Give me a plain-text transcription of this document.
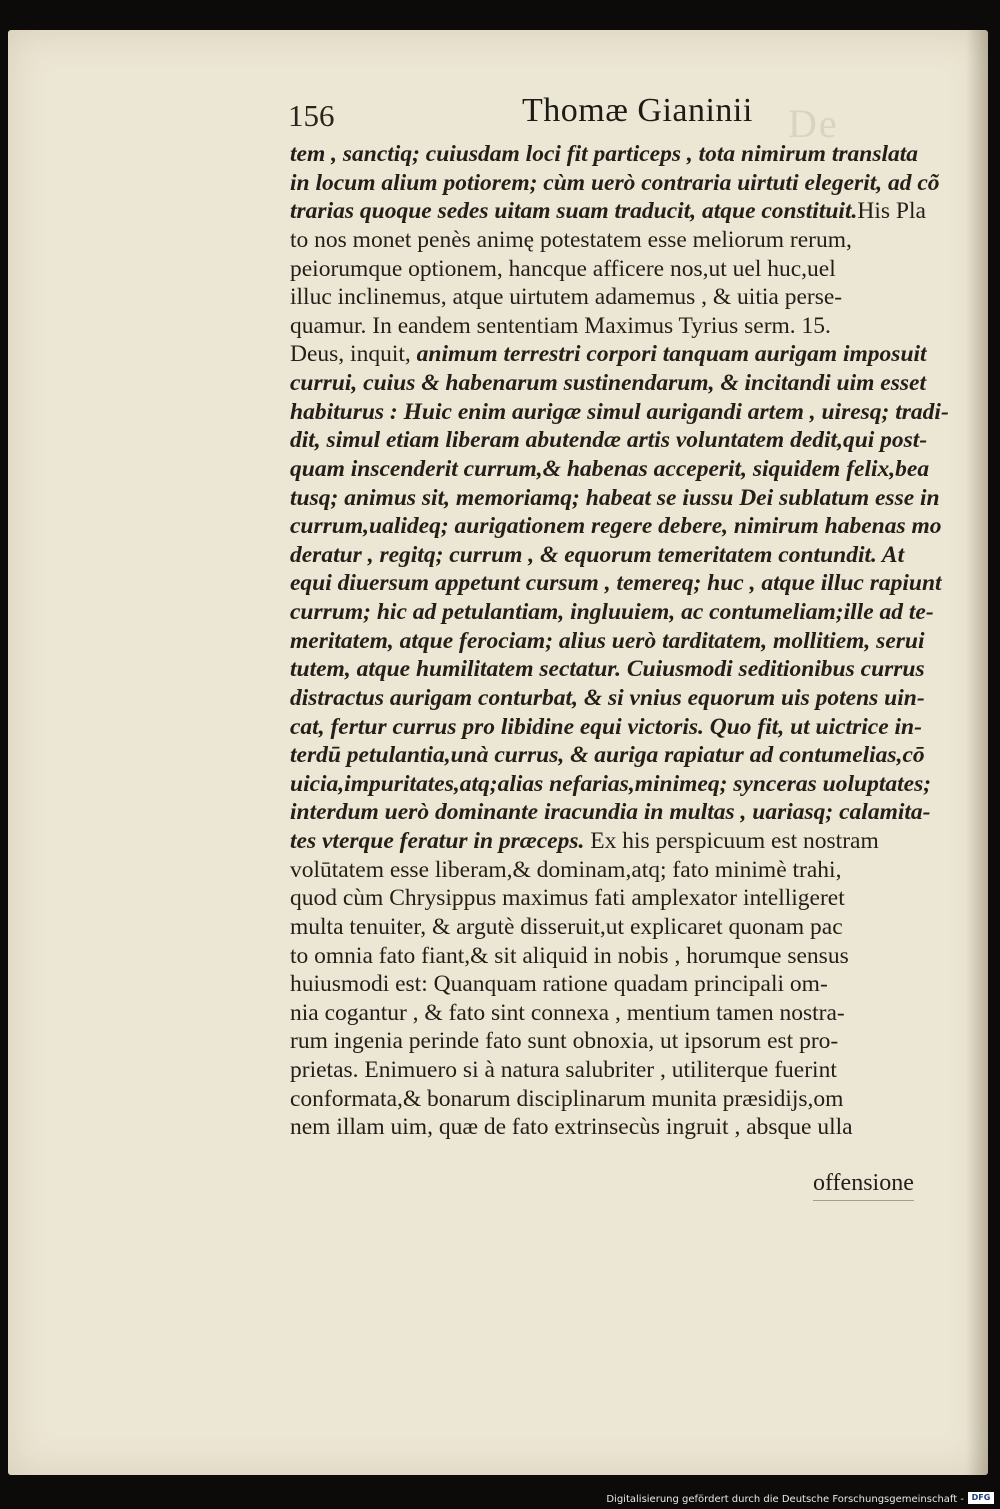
De
156	Thomæ Gianinii
tem , sanctiq; cuiusdam loci fit particeps , tota nimirum translata
in locum alium potiorem; cùm uerò contraria uirtuti elegerit, ad cõ
trarias quoque sedes uitam suam traducit, atque constituit.His Pla
to nos monet penès animę potestatem esse meliorum rerum,
peiorumque optionem, hancque afficere nos,ut uel huc,uel
illuc inclinemus, atque uirtutem adamemus , & uitia perse-
quamur. In eandem sententiam Maximus Tyrius serm. 15.
Deus, inquit, animum terrestri corpori tanquam aurigam imposuit
currui, cuius & habenarum sustinendarum, & incitandi uim esset
habiturus : Huic enim aurigæ simul aurigandi artem , uiresq; tradi-
dit, simul etiam liberam abutendæ artis voluntatem dedit,qui post-
quam inscenderit currum,& habenas acceperit, siquidem felix,bea
tusq; animus sit, memoriamq; habeat se iussu Dei sublatum esse in
currum,ualideq; aurigationem regere debere, nimirum habenas mo
deratur , regitq; currum , & equorum temeritatem contundit. At
equi diuersum appetunt cursum , temereq; huc , atque illuc rapiunt
currum; hic ad petulantiam, ingluuiem, ac contumeliam;ille ad te-
meritatem, atque ferociam; alius uerò tarditatem, mollitiem, serui
tutem, atque humilitatem sectatur. Cuiusmodi seditionibus currus
distractus aurigam conturbat, & si vnius equorum uis potens uin-
cat, fertur currus pro libidine equi victoris. Quo fit, ut uictrice in-
terdū petulantia,unà currus, & auriga rapiatur ad contumelias,cō
uicia,impuritates,atq;alias nefarias,minimeq; synceras uoluptates;
interdum uerò dominante iracundia in multas , uariasq; calamita-
tes vterque feratur in præceps. Ex his perspicuum est nostram
volūtatem esse liberam,& dominam,atq; fato minimè trahi,
quod cùm Chrysippus maximus fati amplexator intelligeret
multa tenuiter, & argutè disseruit,ut explicaret quonam pac
to omnia fato fiant,& sit aliquid in nobis , horumque sensus
huiusmodi est: Quanquam ratione quadam principali om-
nia cogantur , & fato sint connexa , mentium tamen nostra-
rum ingenia perinde fato sunt obnoxia, ut ipsorum est pro-
prietas. Enimuero si à natura salubriter , utiliterque fuerint
conformata,& bonarum disciplinarum munita præsidijs,om
nem illam uim, quæ de fato extrinsecùs ingruit , absque ulla
offensione
Digitalisierung gefördert durch die Deutsche Forschungsgemeinschaft - DFG
